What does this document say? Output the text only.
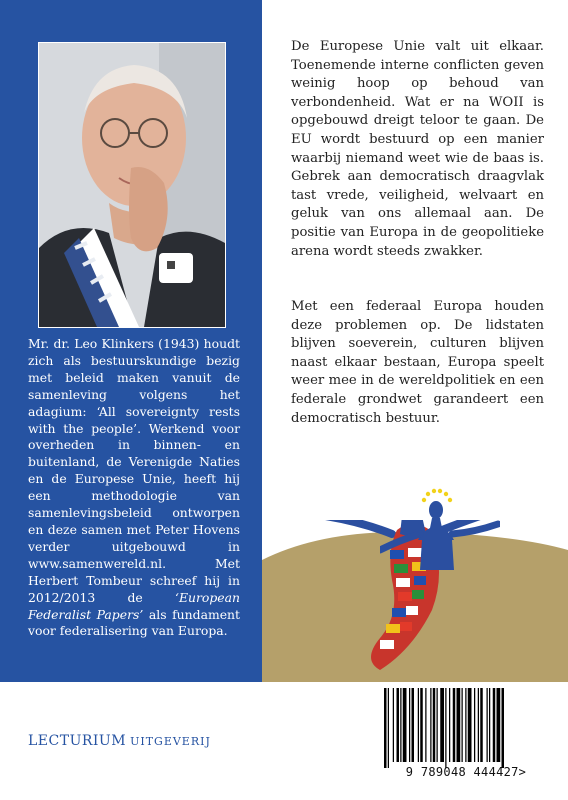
Mr. dr. Leo Klinkers (1943) houdt zich als bestuurskundige bezig met beleid maken vanuit de samenleving volgens het adagium: ‘All sovereignty rests with the people’. Werkend voor overheden in binnen- en buitenland, de Verenigde Naties en de Europese Unie, heeft hij een methodologie van samenlevingsbeleid ontworpen en deze samen met Peter Hovens verder uitgebouwd in www.samenwereld.nl. Met Herbert Tombeur schreef hij in 2012/2013 de ‘European Federalist Papers’ als fundament voor federalisering van Europa.

De Europese Unie valt uit elkaar. Toenemende interne conflicten geven weinig hoop op behoud van verbondenheid. Wat er na WOII is opgebouwd dreigt teloor te gaan. De EU wordt bestuurd op een manier waarbij niemand weet wie de baas is. Gebrek aan democratisch draagvlak tast vrede, veiligheid, welvaart en geluk van ons allemaal aan. De positie van Europa in de geopolitieke arena wordt steeds zwakker.

Met een federaal Europa houden deze problemen op. De lidstaten blijven soeverein, culturen blijven naast elkaar bestaan, Europa speelt weer mee in de wereldpolitiek en een federale grondwet garandeert een democratisch bestuur.

LECTURIUM UITGEVERIJ
9 789048 444427>
